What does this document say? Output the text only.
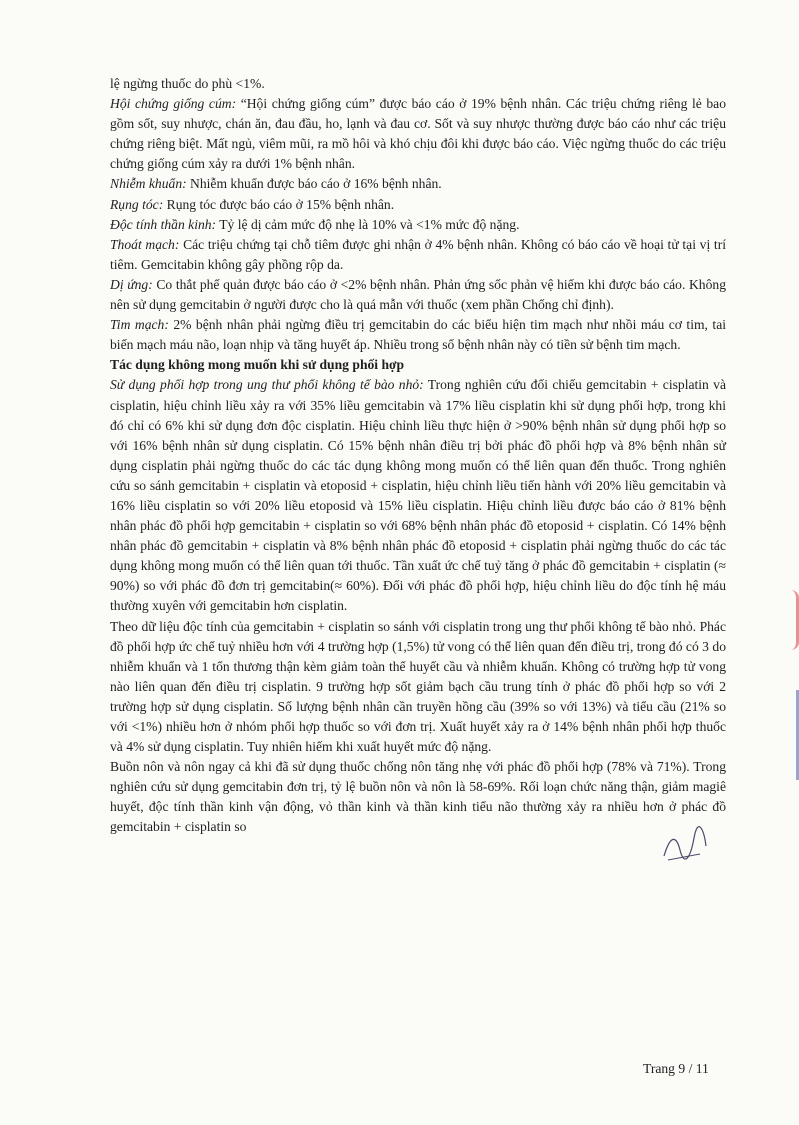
lệ ngừng thuốc do phù <1%.

Hội chứng giống cúm: “Hội chứng giống cúm” được báo cáo ở 19% bệnh nhân. Các triệu chứng riêng lẻ bao gồm sốt, suy nhược, chán ăn, đau đầu, ho, lạnh và đau cơ. Sốt và suy nhược thường được báo cáo như các triệu chứng riêng biệt. Mất ngủ, viêm mũi, ra mồ hôi và khó chịu đôi khi được báo cáo. Việc ngừng thuốc do các triệu chứng giống cúm xảy ra dưới 1% bệnh nhân.

Nhiễm khuẩn: Nhiễm khuẩn được báo cáo ở 16% bệnh nhân.

Rụng tóc: Rụng tóc được báo cáo ở 15% bệnh nhân.

Độc tính thần kinh: Tỷ lệ dị cảm mức độ nhẹ là 10% và <1% mức độ nặng.

Thoát mạch: Các triệu chứng tại chỗ tiêm được ghi nhận ở 4% bệnh nhân. Không có báo cáo về hoại tử tại vị trí tiêm. Gemcitabin không gây phồng rộp da.

Dị ứng: Co thắt phế quản được báo cáo ở <2% bệnh nhân. Phản ứng sốc phản vệ hiếm khi được báo cáo. Không nên sử dụng gemcitabin ở người được cho là quá mẫn với thuốc (xem phần Chống chỉ định).

Tim mạch: 2% bệnh nhân phải ngừng điều trị gemcitabin do các biểu hiện tim mạch như nhồi máu cơ tim, tai biến mạch máu não, loạn nhịp và tăng huyết áp. Nhiều trong số bệnh nhân này có tiền sử bệnh tim mạch.

Tác dụng không mong muốn khi sử dụng phối hợp

Sử dụng phối hợp trong ung thư phổi không tế bào nhỏ: Trong nghiên cứu đối chiếu gemcitabin + cisplatin và cisplatin, hiệu chỉnh liều xảy ra với 35% liều gemcitabin và 17% liều cisplatin khi sử dụng phối hợp, trong khi đó chỉ có 6% khi sử dụng đơn độc cisplatin. Hiệu chỉnh liều thực hiện ở >90% bệnh nhân sử dụng phối hợp so với 16% bệnh nhân sử dụng cisplatin. Có 15% bệnh nhân điều trị bởi phác đồ phối hợp và 8% bệnh nhân sử dụng cisplatin phải ngừng thuốc do các tác dụng không mong muốn có thể liên quan đến thuốc. Trong nghiên cứu so sánh gemcitabin + cisplatin và etoposid + cisplatin, hiệu chỉnh liều tiến hành với 20% liều gemcitabin và 16% liều cisplatin so với 20% liều etoposid và 15% liều cisplatin. Hiệu chỉnh liều được báo cáo ở 81% bệnh nhân phác đồ phối hợp gemcitabin + cisplatin so với 68% bệnh nhân phác đồ etoposid + cisplatin. Có 14% bệnh nhân phác đồ gemcitabin + cisplatin và 8% bệnh nhân phác đồ etoposid + cisplatin phải ngừng thuốc do các tác dụng không mong muốn có thể liên quan tới thuốc. Tần xuất ức chế tuỷ tăng ở phác đồ gemcitabin + cisplatin (≈ 90%) so với phác đồ đơn trị gemcitabin(≈ 60%). Đối với phác đồ phối hợp, hiệu chỉnh liều do độc tính hệ máu thường xuyên với gemcitabin hơn cisplatin.

Theo dữ liệu độc tính của gemcitabin + cisplatin so sánh với cisplatin trong ung thư phổi không tế bào nhỏ. Phác đồ phối hợp ức chế tuỷ nhiều hơn với 4 trường hợp (1,5%) tử vong có thể liên quan đến điều trị, trong đó có 3 do nhiễm khuẩn và 1 tổn thương thận kèm giảm toàn thể huyết cầu và nhiễm khuẩn. Không có trường hợp tử vong nào liên quan đến điều trị cisplatin. 9 trường hợp sốt giảm bạch cầu trung tính ở phác đồ phối hợp so với 2 trường hợp sử dụng cisplatin. Số lượng bệnh nhân cần truyền hồng cầu (39% so với 13%) và tiểu cầu (21% so với <1%) nhiều hơn ở nhóm phối hợp thuốc so với đơn trị. Xuất huyết xảy ra ở 14% bệnh nhân phối hợp thuốc và 4% sử dụng cisplatin. Tuy nhiên hiếm khi xuất huyết mức độ nặng.

Buồn nôn và nôn ngay cả khi đã sử dụng thuốc chống nôn tăng nhẹ với phác đồ phối hợp (78% và 71%). Trong nghiên cứu sử dụng gemcitabin đơn trị, tỷ lệ buồn nôn và nôn là 58-69%. Rối loạn chức năng thận, giảm magiê huyết, độc tính thần kinh vận động, vỏ thần kinh và thần kinh tiểu não thường xảy ra nhiều hơn ở phác đồ gemcitabin + cisplatin so

Trang 9 / 11
